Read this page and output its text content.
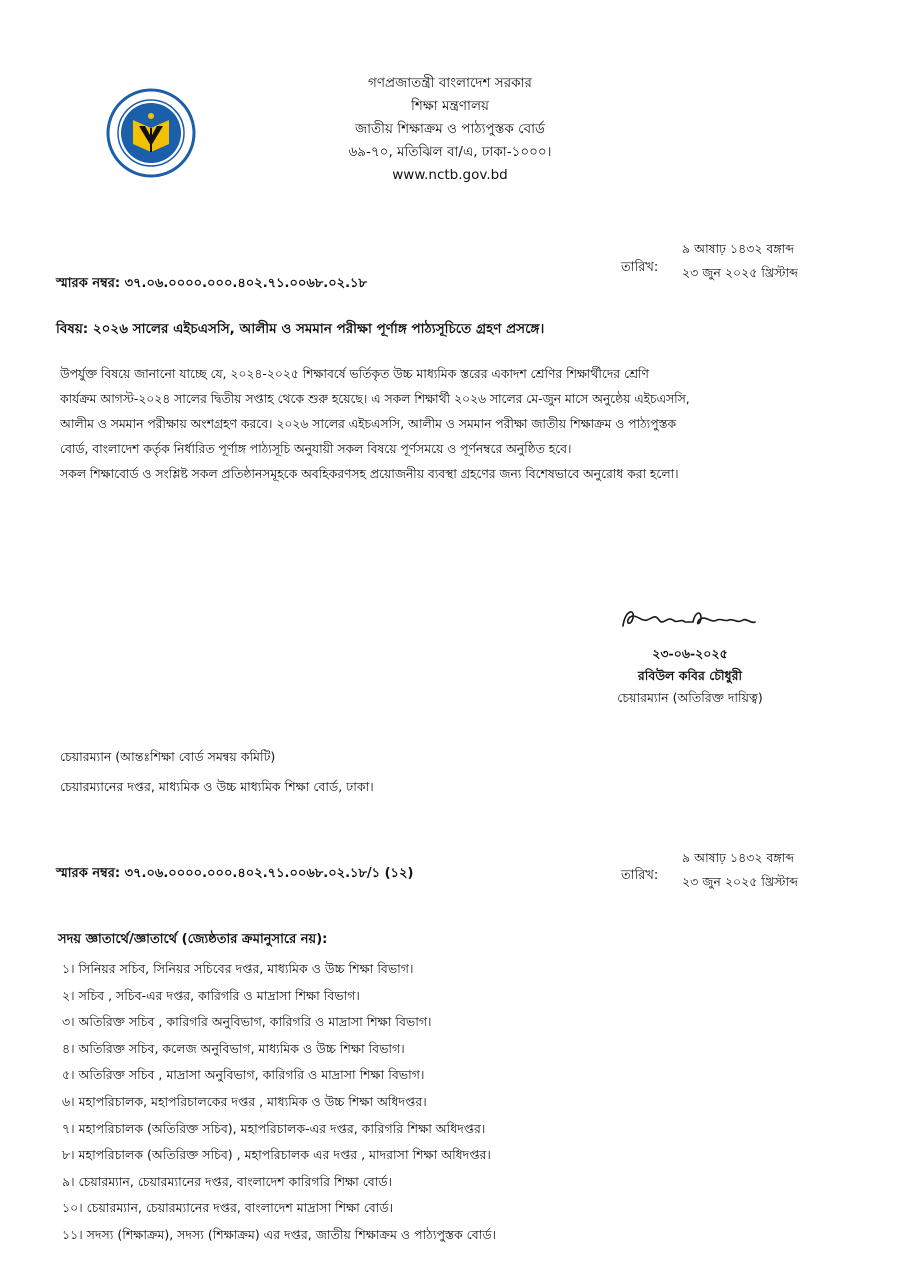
গণপ্রজাতন্ত্রী বাংলাদেশ সরকার
শিক্ষা মন্ত্রণালয়
জাতীয় শিক্ষাক্রম ও পাঠ্যপুস্তক বোর্ড
৬৯-৭০, মতিঝিল বা/এ, ঢাকা-১০০০।
www.nctb.gov.bd
স্মারক নম্বর: ৩৭.০৬.০০০০.০০০.৪০২.৭১.০০৬৮.০২.১৮
তারিখ:
৯ আষাঢ় ১৪৩২ বঙ্গাব্দ
২৩ জুন ২০২৫ খ্রিস্টাব্দ
বিষয়: ২০২৬ সালের এইচএসসি, আলীম ও সমমান পরীক্ষা পূর্ণাঙ্গ পাঠ্যসূচিতে গ্রহণ প্রসঙ্গে।
উপর্যুক্ত বিষয়ে জানানো যাচ্ছে যে, ২০২৪-২০২৫ শিক্ষাবর্ষে ভর্তিকৃত উচ্চ মাধ্যমিক স্তরের একাদশ শ্রেণির শিক্ষার্থীদের শ্রেণি
কার্যক্রম আগস্ট-২০২৪ সালের দ্বিতীয় সপ্তাহ থেকে শুরু হয়েছে। এ সকল শিক্ষার্থী ২০২৬ সালের মে-জুন মাসে অনুষ্ঠেয় এইচএসসি,
আলীম ও সমমান পরীক্ষায় অংশগ্রহণ করবে। ২০২৬ সালের এইচএসসি, আলীম ও সমমান পরীক্ষা জাতীয় শিক্ষাক্রম ও পাঠ্যপুস্তক
বোর্ড, বাংলাদেশ কর্তৃক নির্ধারিত পূর্ণাঙ্গ পাঠ্যসূচি অনুযায়ী সকল বিষয়ে পূর্ণসময়ে ও পূর্ণনম্বরে অনুষ্ঠিত হবে।
সকল শিক্ষাবোর্ড ও সংশ্লিষ্ট সকল প্রতিষ্ঠানসমূহকে অবহিকরণসহ প্রয়োজনীয় ব্যবস্থা গ্রহণের জন্য বিশেষভাবে অনুরোধ করা হলো।
২৩-০৬-২০২৫
রবিউল কবির চৌধুরী
চেয়ারম্যান (অতিরিক্ত দায়িত্ব)
চেয়ারম্যান (আন্তঃশিক্ষা বোর্ড সমন্বয় কমিটি)
চেয়ারম্যানের দপ্তর, মাধ্যমিক ও উচ্চ মাধ্যমিক শিক্ষা বোর্ড, ঢাকা।
স্মারক নম্বর: ৩৭.০৬.০০০০.০০০.৪০২.৭১.০০৬৮.০২.১৮/১ (১২)	তারিখ:
৯ আষাঢ় ১৪৩২ বঙ্গাব্দ
২৩ জুন ২০২৫ খ্রিস্টাব্দ
সদয় জ্ঞাতার্থে/জ্ঞাতার্থে (জ্যেষ্ঠতার ক্রমানুসারে নয়):
১। সিনিয়র সচিব, সিনিয়র সচিবের দপ্তর, মাধ্যমিক ও উচ্চ শিক্ষা বিভাগ।
২। সচিব , সচিব-এর দপ্তর, কারিগরি ও মাদ্রাসা শিক্ষা বিভাগ।
৩। অতিরিক্ত সচিব , কারিগরি অনুবিভাগ, কারিগরি ও মাদ্রাসা শিক্ষা বিভাগ।
৪। অতিরিক্ত সচিব, কলেজ অনুবিভাগ, মাধ্যমিক ও উচ্চ শিক্ষা বিভাগ।
৫। অতিরিক্ত সচিব , মাদ্রাসা অনুবিভাগ, কারিগরি ও মাদ্রাসা শিক্ষা বিভাগ।
৬। মহাপরিচালক, মহাপরিচালকের দপ্তর , মাধ্যমিক ও উচ্চ শিক্ষা অধিদপ্তর।
৭। মহাপরিচালক (অতিরিক্ত সচিব), মহাপরিচালক-এর দপ্তর, কারিগরি শিক্ষা অধিদপ্তর।
৮। মহাপরিচালক (অতিরিক্ত সচিব) , মহাপরিচালক এর দপ্তর , মাদরাসা শিক্ষা অধিদপ্তর।
৯। চেয়ারম্যান, চেয়ারম্যানের দপ্তর, বাংলাদেশ কারিগরি শিক্ষা বোর্ড।
১০। চেয়ারম্যান, চেয়ারম্যানের দপ্তর, বাংলাদেশ মাদ্রাসা শিক্ষা বোর্ড।
১১। সদস্য (শিক্ষাক্রম), সদস্য (শিক্ষাক্রম) এর দপ্তর, জাতীয় শিক্ষাক্রম ও পাঠ্যপুস্তক বোর্ড।
